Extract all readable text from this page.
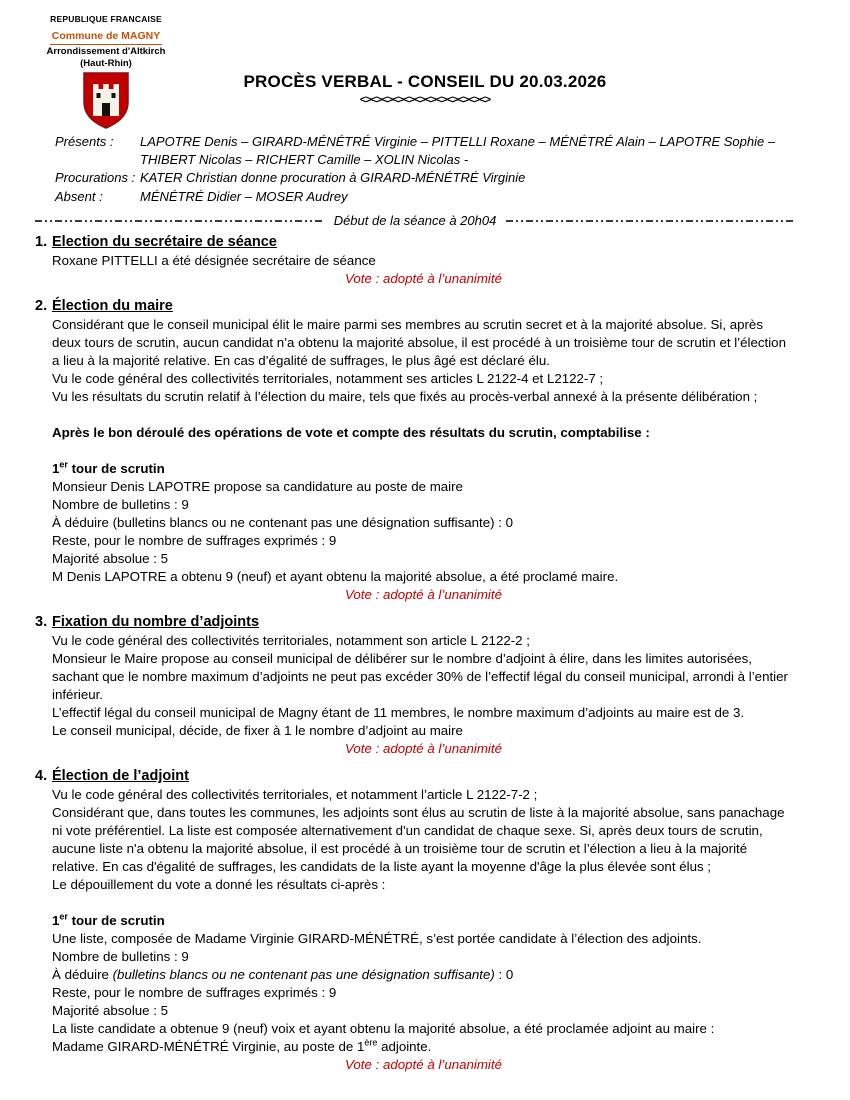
REPUBLIQUE FRANCAISE
Commune de MAGNY
Arrondissement d'Altkirch
(Haut-Rhin)
PROCÈS VERBAL - CONSEIL DU 20.03.2026
<><><><><><><><><><><><>
Présents :	LAPOTRE Denis – GIRARD-MÉNÉTRÉ Virginie – PITTELLI Roxane – MÉNÉTRÉ Alain – LAPOTRE Sophie – THIBERT Nicolas – RICHERT Camille – XOLIN Nicolas -
Procurations : KATER Christian donne procuration à GIRARD-MÉNÉTRÉ Virginie
Absent :	MÉNÉTRÉ Didier – MOSER Audrey
Début de la séance à 20h04
1. Election du secrétaire de séance

Roxane PITTELLI a été désignée secrétaire de séance

Vote : adopté à l’unanimité

2. Élection du maire

Considérant que le conseil municipal élit le maire parmi ses membres au scrutin secret et à la majorité absolue. Si, après deux tours de scrutin, aucun candidat n’a obtenu la majorité absolue, il est procédé à un troisième tour de scrutin et l’élection a lieu à la majorité relative. En cas d’égalité de suffrages, le plus âgé est déclaré élu.

Vu le code général des collectivités territoriales, notamment ses articles L 2122-4 et L2122-7 ;

Vu les résultats du scrutin relatif à l’élection du maire, tels que fixés au procès-verbal annexé à la présente délibération ;

Après le bon déroulé des opérations de vote et compte des résultats du scrutin, comptabilise :

1er tour de scrutin

Monsieur Denis LAPOTRE propose sa candidature au poste de maire

Nombre de bulletins : 9

À déduire (bulletins blancs ou ne contenant pas une désignation suffisante) : 0

Reste, pour le nombre de suffrages exprimés : 9

Majorité absolue : 5

M Denis LAPOTRE a obtenu 9 (neuf) et ayant obtenu la majorité absolue, a été proclamé maire.

Vote : adopté à l’unanimité

3. Fixation du nombre d’adjoints

Vu le code général des collectivités territoriales, notamment son article L 2122-2 ;

Monsieur le Maire propose au conseil municipal de délibérer sur le nombre d’adjoint à élire, dans les limites autorisées, sachant que le nombre maximum d’adjoints ne peut pas excéder 30% de l’effectif légal du conseil municipal, arrondi à l’entier inférieur.

L’effectif légal du conseil municipal de Magny étant de 11 membres, le nombre maximum d’adjoints au maire est de 3.

Le conseil municipal, décide, de fixer à 1 le nombre d’adjoint au maire

Vote : adopté à l’unanimité

4. Élection de l’adjoint

Vu le code général des collectivités territoriales, et notamment l’article L 2122-7-2 ;

Considérant que, dans toutes les communes, les adjoints sont élus au scrutin de liste à la majorité absolue, sans panachage ni vote préférentiel. La liste est composée alternativement d'un candidat de chaque sexe. Si, après deux tours de scrutin, aucune liste n'a obtenu la majorité absolue, il est procédé à un troisième tour de scrutin et l’élection a lieu à la majorité relative. En cas d'égalité de suffrages, les candidats de la liste ayant la moyenne d'âge la plus élevée sont élus ;

Le dépouillement du vote a donné les résultats ci-après :

1er tour de scrutin

Une liste, composée de Madame Virginie GIRARD-MÉNÉTRÉ, s’est portée candidate à l’élection des adjoints.

Nombre de bulletins : 9

À déduire (bulletins blancs ou ne contenant pas une désignation suffisante) : 0

Reste, pour le nombre de suffrages exprimés : 9

Majorité absolue : 5

La liste candidate a obtenue 9 (neuf) voix et ayant obtenu la majorité absolue, a été proclamée adjoint au maire :

Madame GIRARD-MÉNÉTRÉ Virginie, au poste de 1ère adjointe.

Vote : adopté à l’unanimité
